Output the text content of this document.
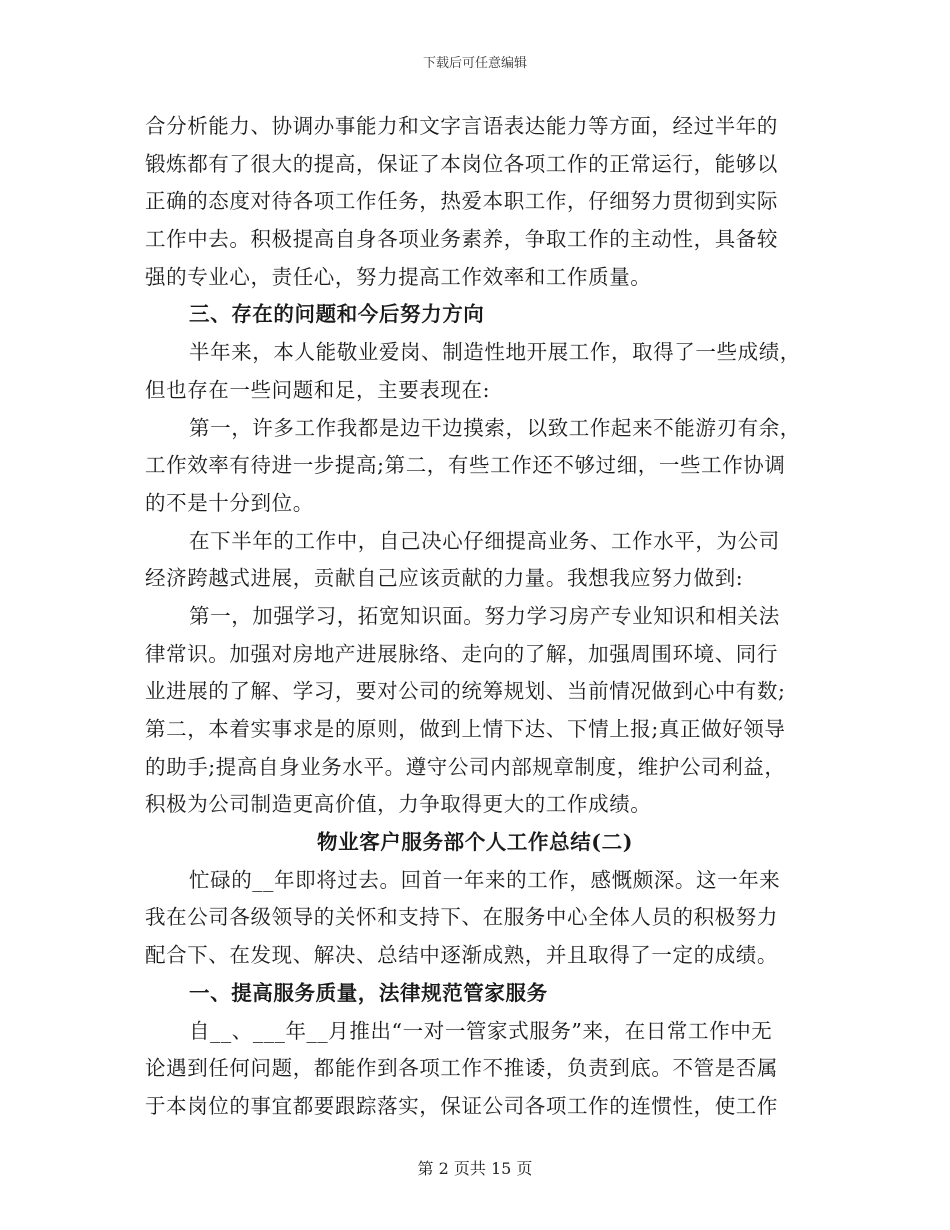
下载后可任意编辑
合分析能力、协调办事能力和文字言语表达能力等方面，经过半年的
锻炼都有了很大的提高，保证了本岗位各项工作的正常运行，能够以
正确的态度对待各项工作任务，热爱本职工作，仔细努力贯彻到实际
工作中去。积极提高自身各项业务素养，争取工作的主动性，具备较
强的专业心，责任心，努力提高工作效率和工作质量。
三、存在的问题和今后努力方向
半年来，本人能敬业爱岗、制造性地开展工作，取得了一些成绩，
但也存在一些问题和足，主要表现在:
第一，许多工作我都是边干边摸索，以致工作起来不能游刃有余，
工作效率有待进一步提高;第二，有些工作还不够过细，一些工作协调
的不是十分到位。
在下半年的工作中，自己决心仔细提高业务、工作水平，为公司
经济跨越式进展，贡献自己应该贡献的力量。我想我应努力做到:
第一，加强学习，拓宽知识面。努力学习房产专业知识和相关法
律常识。加强对房地产进展脉络、走向的了解，加强周围环境、同行
业进展的了解、学习，要对公司的统筹规划、当前情况做到心中有数;
第二，本着实事求是的原则，做到上情下达、下情上报;真正做好领导
的助手;提高自身业务水平。遵守公司内部规章制度，维护公司利益，
积极为公司制造更高价值，力争取得更大的工作成绩。
物业客户服务部个人工作总结(二)
忙碌的__年即将过去。回首一年来的工作，感慨颇深。这一年来
我在公司各级领导的关怀和支持下、在服务中心全体人员的积极努力
配合下、在发现、解决、总结中逐渐成熟，并且取得了一定的成绩。
一、提高服务质量，法律规范管家服务
自__、___年__月推出“一对一管家式服务”来，在日常工作中无
论遇到任何问题，都能作到各项工作不推诿，负责到底。不管是否属
于本岗位的事宜都要跟踪落实，保证公司各项工作的连惯性，使工作
第 2 页共 15 页
